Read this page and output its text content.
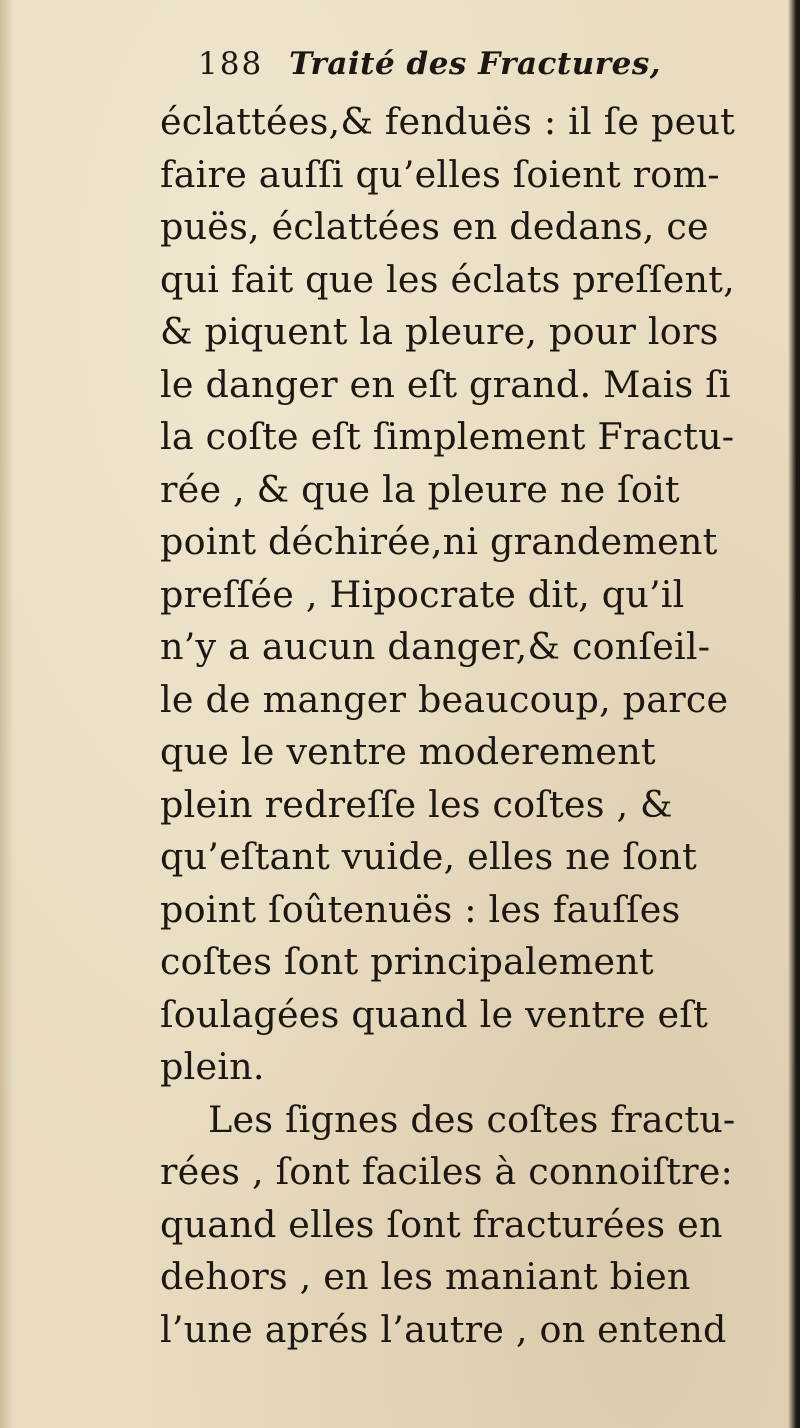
188 Traité des Fractures,
éclattées,& fenduës : il ſe peut
faire auſſi qu’elles ſoient rom-
puës, éclattées en dedans, ce
qui fait que les éclats preſſent,
& piquent la pleure, pour lors
le danger en eſt grand. Mais ſi
la coſte eſt ſimplement Fractu-
rée , & que la pleure ne ſoit
point déchirée,ni grandement
preſſée , Hipocrate dit, qu’il
n’y a aucun danger,& conſeil-
le de manger beaucoup, parce
que le ventre moderement
plein redreſſe les coſtes , &
qu’eſtant vuide, elles ne ſont
point ſoûtenuës : les fauſſes
coſtes ſont principalement
ſoulagées quand le ventre eſt
plein.
Les ſignes des coſtes fractu-
rées , ſont faciles à connoiſtre:
quand elles ſont fracturées en
dehors , en les maniant bien
l’une aprés l’autre , on entend
